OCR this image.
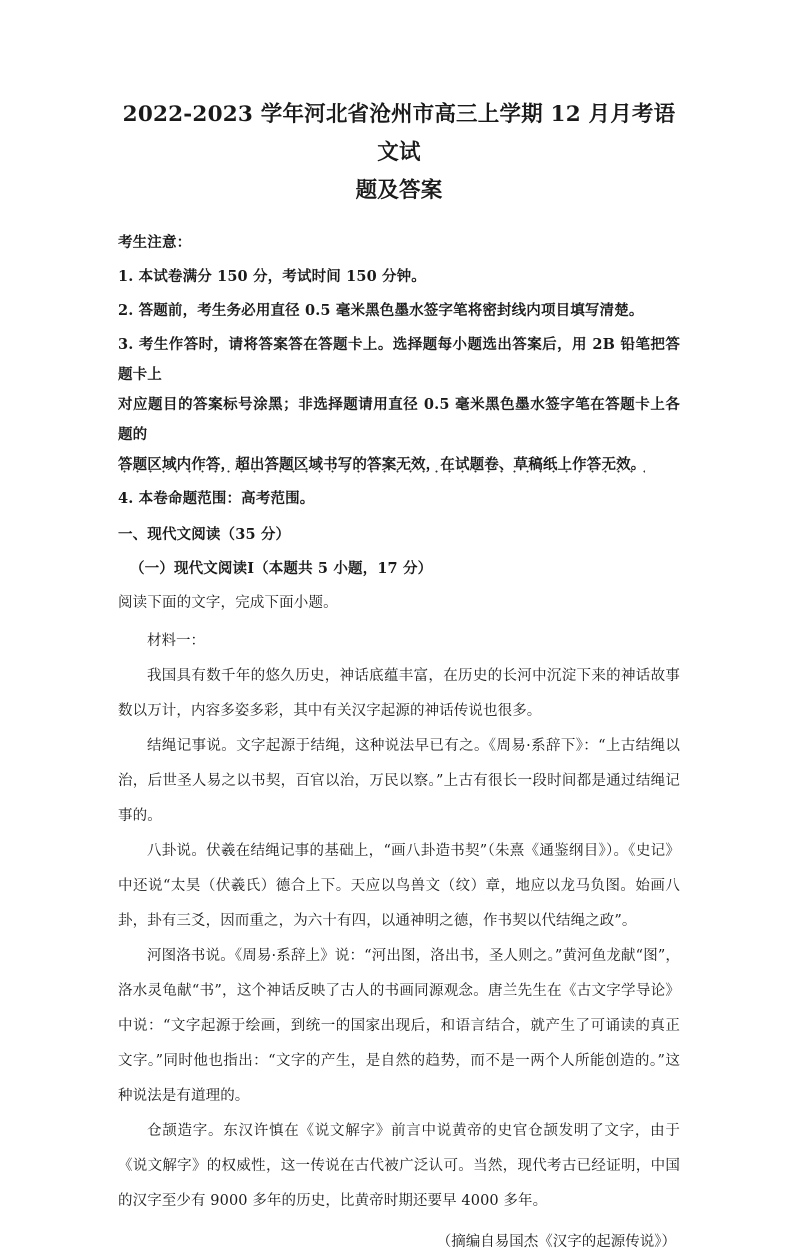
2022-2023 学年河北省沧州市高三上学期 12 月月考语文试
题及答案

考生注意：

1. 本试卷满分 150 分，考试时间 150 分钟。

2. 答题前，考生务必用直径 0.5 毫米黑色墨水签字笔将密封线内项目填写清楚。

3. 考生作答时，请将答案答在答题卡上。选择题每小题选出答案后，用 2B 铅笔把答题卡上

对应题目的答案标号涂黑；非选择题请用直径 0.5 毫米黑色墨水签字笔在答题卡上各题的

答题区域内作答，超出答题区域书写的答案无效，在试题卷、草稿纸上作答无效。

4. 本卷命题范围：高考范围。

一、现代文阅读（35 分）

（一）现代文阅读Ⅰ（本题共 5 小题，17 分）

阅读下面的文字，完成下面小题。

材料一：

我国具有数千年的悠久历史，神话底蕴丰富，在历史的长河中沉淀下来的神话故事数以万计，内容多姿多彩，其中有关汉字起源的神话传说也很多。

结绳记事说。文字起源于结绳，这种说法早已有之。《周易·系辞下》：“上古结绳以治，后世圣人易之以书契，百官以治，万民以察。”上古有很长一段时间都是通过结绳记事的。

八卦说。伏羲在结绳记事的基础上，“画八卦造书契”（朱熹《通鉴纲目》）。《史记》中还说“太昊（伏羲氏）德合上下。天应以鸟兽文（纹）章，地应以龙马负图。始画八卦，卦有三爻，因而重之，为六十有四，以通神明之德，作书契以代结绳之政”。

河图洛书说。《周易·系辞上》说：“河出图，洛出书，圣人则之。”黄河鱼龙献“图”，洛水灵龟献“书”，这个神话反映了古人的书画同源观念。唐兰先生在《古文字学导论》中说：“文字起源于绘画，到统一的国家出现后，和语言结合，就产生了可诵读的真正文字。”同时他也指出：“文字的产生，是自然的趋势，而不是一两个人所能创造的。”这种说法是有道理的。

仓颉造字。东汉许慎在《说文解字》前言中说黄帝的史官仓颉发明了文字，由于《说文解字》的权威性，这一传说在古代被广泛认可。当然，现代考古已经证明，中国的汉字至少有 9000 多年的历史，比黄帝时期还要早 4000 多年。

（摘编自易国杰《汉字的起源传说》）
